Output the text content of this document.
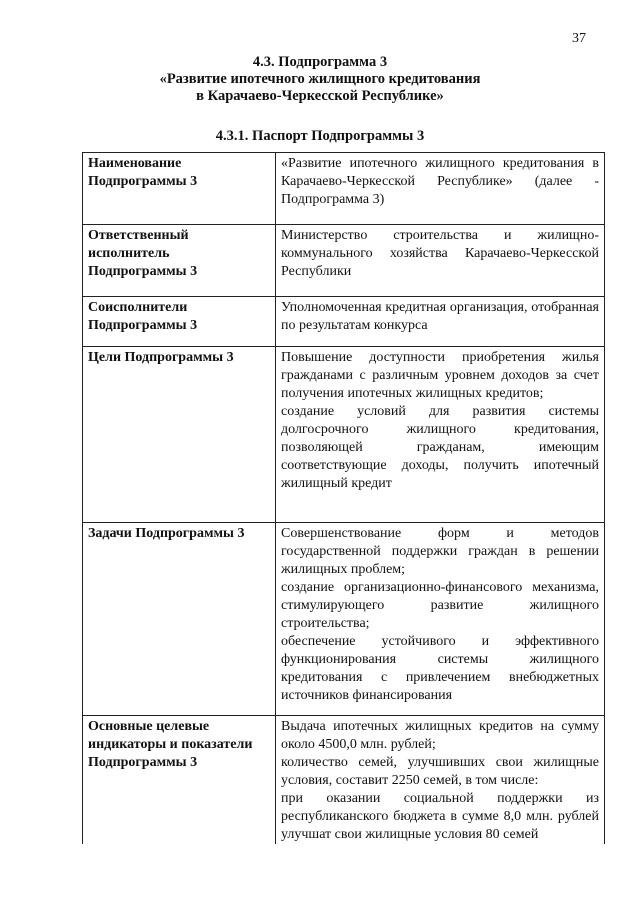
37
4.3. Подпрограмма 3
«Развитие ипотечного жилищного кредитования
в Карачаево-Черкесской Республике»
4.3.1. Паспорт Подпрограммы 3
Наименование Подпрограммы 3	«Развитие ипотечного жилищного кредитования в Карачаево-Черкесской Республике» (далее - Подпрограмма 3)

Ответственный исполнитель Подпрограммы 3	Министерство строительства и жилищно-коммунального хозяйства Карачаево-Черкесской Республики

Соисполнители Подпрограммы 3	Уполномоченная кредитная организация, отобранная по результатам конкурса

Цели Подпрограммы 3	Повышение доступности приобретения жилья гражданами с различным уровнем доходов за счет получения ипотечных жилищных кредитов;
создание условий для развития системы долгосрочного жилищного кредитования, позволяющей гражданам, имеющим соответствующие доходы, получить ипотечный жилищный кредит

Задачи Подпрограммы 3	Совершенствование форм и методов государственной поддержки граждан в решении жилищных проблем;
создание организационно-финансового механизма, стимулирующего развитие жилищного строительства;
обеспечение устойчивого и эффективного функционирования системы жилищного кредитования с привлечением внебюджетных источников финансирования

Основные целевые индикаторы и показатели Подпрограммы 3	Выдача ипотечных жилищных кредитов на сумму около 4500,0 млн. рублей;
количество семей, улучшивших свои жилищные условия, составит 2250 семей, в том числе:
при оказании социальной поддержки из республиканского бюджета в сумме 8,0 млн. рублей улучшат свои жилищные условия 80 семей
